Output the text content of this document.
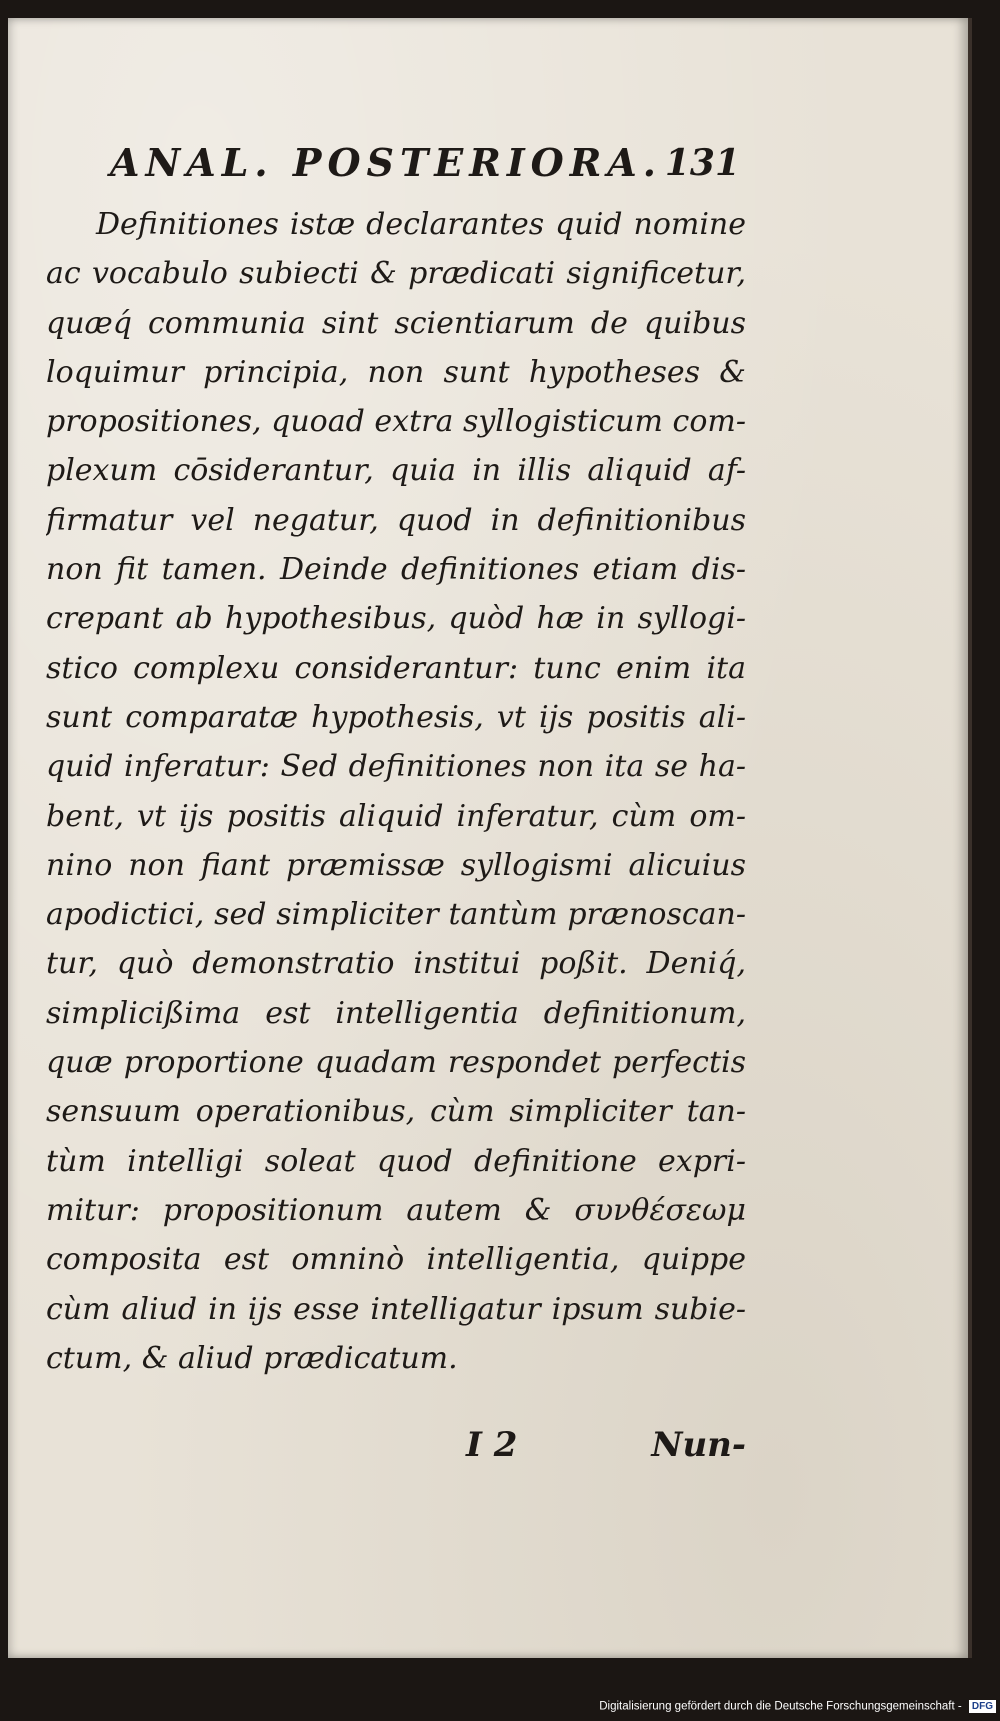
ANAL. POSTERIORA. 131
Definitiones istæ declarantes quid nomine
ac vocabulo subiecti & prædicati significetur,
quæq́ communia sint scientiarum de quibus
loquimur principia, non sunt hypotheses &
propositiones, quoad extra syllogisticum com-
plexum cōsiderantur, quia in illis aliquid af-
firmatur vel negatur, quod in definitionibus
non fit tamen. Deinde definitiones etiam dis-
crepant ab hypothesibus, quòd hæ in syllogi-
stico complexu considerantur: tunc enim ita
sunt comparatæ hypothesis, vt ijs positis ali-
quid inferatur: Sed definitiones non ita se ha-
bent, vt ijs positis aliquid inferatur, cùm om-
nino non fiant præmissæ syllogismi alicuius
apodictici, sed simpliciter tantùm prænoscan-
tur, quò demonstratio institui poßit. Deniq́,
simplicißima est intelligentia definitionum,
quæ proportione quadam respondet perfectis
sensuum operationibus, cùm simpliciter tan-
tùm intelligi soleat quod definitione expri-
mitur: propositionum autem & συνθέσεωμ
composita est omninò intelligentia, quippe
cùm aliud in ijs esse intelligatur ipsum subie-
ctum, & aliud prædicatum.
I 2	Nun-
Digitalisierung gefördert durch die Deutsche Forschungsgemeinschaft - DFG
